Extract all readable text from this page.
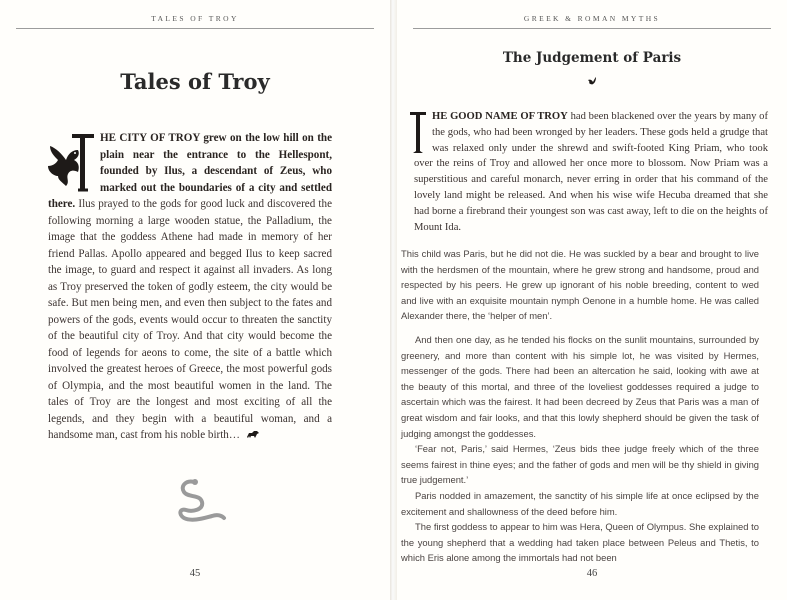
TALES OF TROY
Tales of Troy

HE CITY OF TROY grew on the low hill on the plain near the entrance to the Hellespont, founded by Ilus, a descendant of Zeus, who marked out the boundaries of a city and settled there. Ilus prayed to the gods for good luck and discovered the following morning a large wooden statue, the Palladium, the image that the goddess Athene had made in memory of her friend Pallas. Apollo appeared and begged Ilus to keep sacred the image, to guard and respect it against all invaders. As long as Troy preserved the token of godly esteem, the city would be safe. But men being men, and even then subject to the fates and powers of the gods, events would occur to threaten the sanctity of the beautiful city of Troy. And that city would become the food of legends for aeons to come, the site of a battle which involved the greatest heroes of Greece, the most powerful gods of Olympia, and the most beautiful women in the land. The tales of Troy are the longest and most exciting of all the legends, and they begin with a beautiful woman, and a handsome man, cast from his noble birth…

45
GREEK & ROMAN MYTHS
The Judgement of Paris
HE GOOD NAME OF TROY had been blackened over the years by many of the gods, who had been wronged by her leaders. These gods held a grudge that was relaxed only under the shrewd and swift-footed King Priam, who took over the reins of Troy and allowed her once more to blossom. Now Priam was a superstitious and careful monarch, never erring in order that his command of the lovely land might be released. And when his wise wife Hecuba dreamed that she had borne a firebrand their youngest son was cast away, left to die on the heights of Mount Ida.

This child was Paris, but he did not die. He was suckled by a bear and brought to live with the herdsmen of the mountain, where he grew strong and handsome, proud and respected by his peers. He grew up ignorant of his noble breeding, content to wed and live with an exquisite mountain nymph Oenone in a humble home. He was called Alexander there, the ‘helper of men’.

And then one day, as he tended his flocks on the sunlit mountains, surrounded by greenery, and more than content with his simple lot, he was visited by Hermes, messenger of the gods. There had been an altercation he said, looking with awe at the beauty of this mortal, and three of the loveliest goddesses required a judge to ascertain which was the fairest. It had been decreed by Zeus that Paris was a man of great wisdom and fair looks, and that this lowly shepherd should be given the task of judging amongst the goddesses.

‘Fear not, Paris,’ said Hermes, ‘Zeus bids thee judge freely which of the three seems fairest in thine eyes; and the father of gods and men will be thy shield in giving true judgement.’

Paris nodded in amazement, the sanctity of his simple life at once eclipsed by the excitement and shallowness of the deed before him.

The first goddess to appear to him was Hera, Queen of Olympus. She explained to the young shepherd that a wedding had taken place between Peleus and Thetis, to which Eris alone among the immortals had not been

46
